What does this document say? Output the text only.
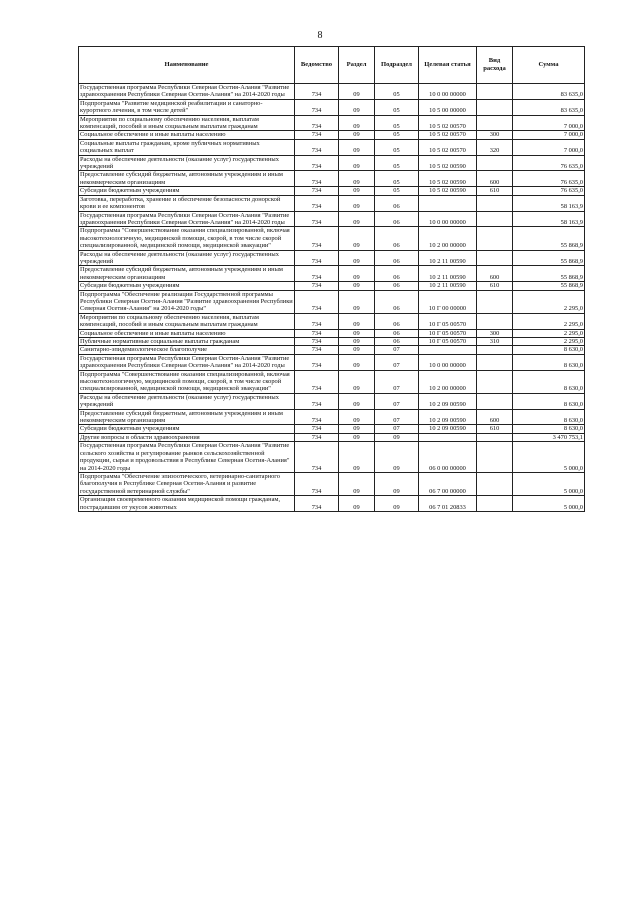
8
Наименование	Ведомство	Раздел	Подраздел	Целевая статья	Вид расхода	Сумма
Государственная программа Республики Северная Осетия-Алания "Развитие здравоохранения Республики Северная Осетия-Алания" на 2014-2020 годы	734	09	05	10 0 00 00000		83 635,0
Подпрограмма "Развитие медицинской реабилитации и санаторно-курортного лечения, в том числе детей"	734	09	05	10 5 00 00000		83 635,0
Мероприятия по социальному обеспечению населения, выплатам компенсаций, пособий и иным социальным выплатам гражданам	734	09	05	10 5 02 00570		7 000,0
Социальное обеспечение и иные выплаты населению	734	09	05	10 5 02 00570	300	7 000,0
Социальные выплаты гражданам, кроме публичных нормативных социальных выплат	734	09	05	10 5 02 00570	320	7 000,0
Расходы на обеспечение деятельности (оказание услуг) государственных учреждений	734	09	05	10 5 02 00590		76 635,0
Предоставление субсидий бюджетным, автономным учреждениям и иным некоммерческим организациям	734	09	05	10 5 02 00590	600	76 635,0
Субсидии бюджетным учреждениям	734	09	05	10 5 02 00590	610	76 635,0
Заготовка, переработка, хранение и обеспечение безопасности донорской крови и ее компонентов	734	09	06			58 163,9
Государственная программа Республики Северная Осетия-Алания "Развитие здравоохранения Республики Северная Осетия-Алания" на 2014-2020 годы	734	09	06	10 0 00 00000		58 163,9
Подпрограмма "Совершенствование оказания специализированной, включая высокотехнологичную, медицинской помощи, скорой, в том числе скорой специализированной, медицинской помощи, медицинской эвакуации"	734	09	06	10 2 00 00000		55 868,9
Расходы на обеспечение деятельности (оказание услуг) государственных учреждений	734	09	06	10 2 11 00590		55 868,9
Предоставление субсидий бюджетным, автономным учреждениям и иным некоммерческим организациям	734	09	06	10 2 11 00590	600	55 868,9
Субсидии бюджетным учреждениям	734	09	06	10 2 11 00590	610	55 868,9
Подпрограмма "Обеспечение реализации Государственной программы Республики Северная Осетия-Алания "Развитие здравоохранения Республики Северная Осетия-Алания" на 2014-2020 годы"	734	09	06	10 Г 00 00000		2 295,0
Мероприятия по социальному обеспечению населения, выплатам компенсаций, пособий и иным социальным выплатам гражданам	734	09	06	10 Г 05 00570		2 295,0
Социальное обеспечение и иные выплаты населению	734	09	06	10 Г 05 00570	300	2 295,0
Публичные нормативные социальные выплаты гражданам	734	09	06	10 Г 05 00570	310	2 295,0
Санитарно-эпидемиологическое благополучие	734	09	07			8 630,0
Государственная программа Республики Северная Осетия-Алания "Развитие здравоохранения Республики Северная Осетия-Алания" на 2014-2020 годы	734	09	07	10 0 00 00000		8 630,0
Подпрограмма "Совершенствование оказания специализированной, включая высокотехнологичную, медицинской помощи, скорой, в том числе скорой специализированной, медицинской помощи, медицинской эвакуации"	734	09	07	10 2 00 00000		8 630,0
Расходы на обеспечение деятельности (оказание услуг) государственных учреждений	734	09	07	10 2 09 00590		8 630,0
Предоставление субсидий бюджетным, автономным учреждениям и иным некоммерческим организациям	734	09	07	10 2 09 00590	600	8 630,0
Субсидии бюджетным учреждениям	734	09	07	10 2 09 00590	610	8 630,0
Другие вопросы в области здравоохранения	734	09	09			3 470 753,1
Государственная программа Республики Северная Осетия-Алания "Развитие сельского хозяйства и регулирование рынков сельскохозяйственной продукции, сырья и продовольствия в Республике Северная Осетия-Алания" на 2014-2020 годы	734	09	09	06 0 00 00000		5 000,0
Подпрограмма "Обеспечение эпизоотического, ветеринарно-санитарного благополучия в Республике Северная Осетия-Алания и развитие государственной ветеринарной службы"	734	09	09	06 7 00 00000		5 000,0
Организация своевременного оказания медицинской помощи гражданам, пострадавшим от укусов животных	734	09	09	06 7 01 20833		5 000,0
